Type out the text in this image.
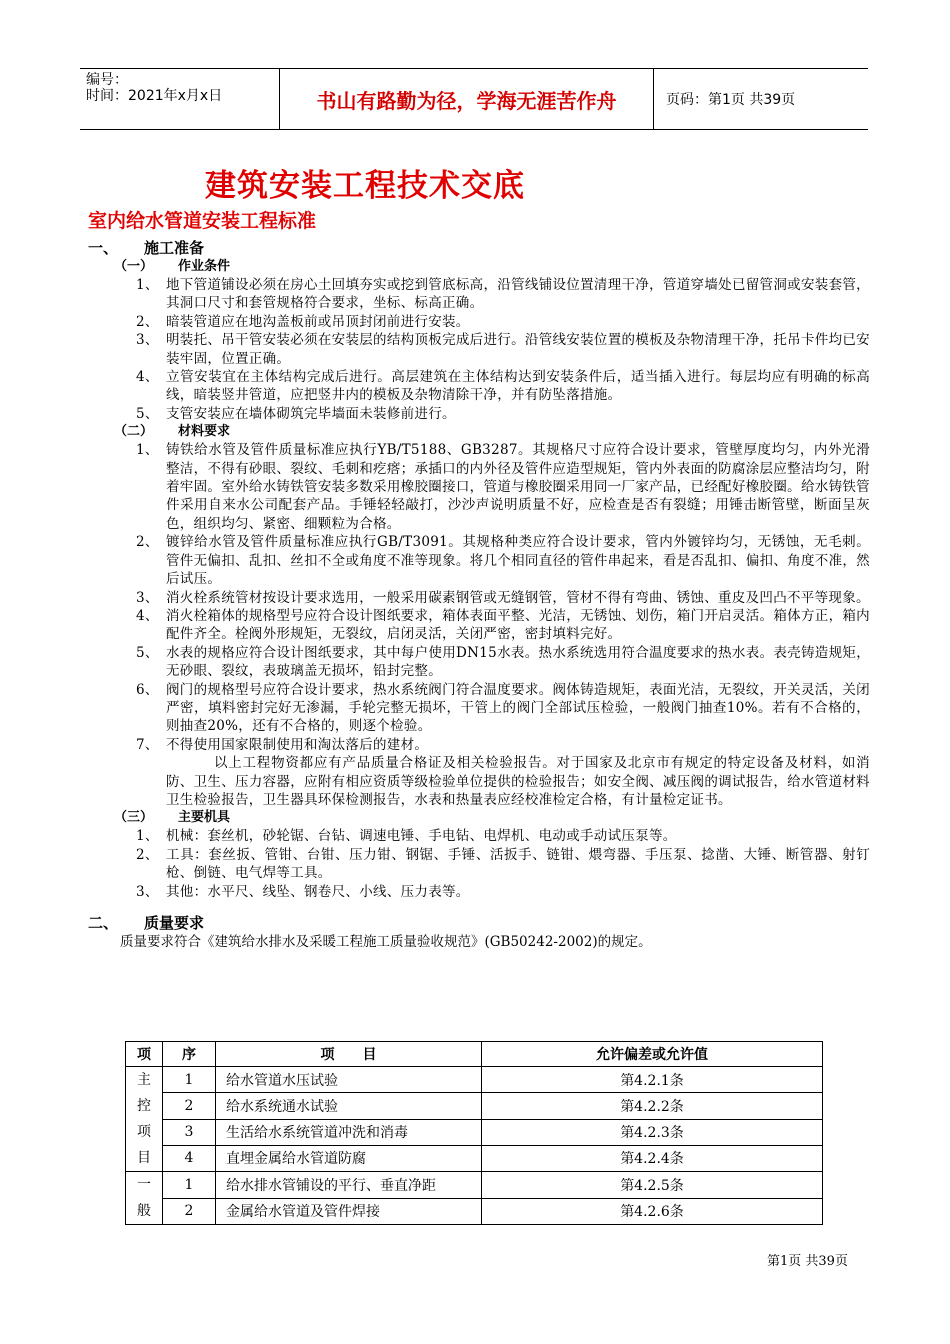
编号：
时间：2021年x月x日	书山有路勤为径，学海无涯苦作舟	页码：第1页 共39页
建筑安装工程技术交底
室内给水管道安装工程标准
一、	施工准备
（一）	作业条件
1、 地下管道铺设必须在房心土回填夯实或挖到管底标高，沿管线铺设位置清理干净，管道穿墙处已留管洞或安装套管，其洞口尺寸和套管规格符合要求，坐标、标高正确。
2、 暗装管道应在地沟盖板前或吊顶封闭前进行安装。
3、 明装托、吊干管安装必须在安装层的结构顶板完成后进行。沿管线安装位置的模板及杂物清理干净，托吊卡件均已安装牢固，位置正确。
4、 立管安装宜在主体结构完成后进行。高层建筑在主体结构达到安装条件后，适当插入进行。每层均应有明确的标高线，暗装竖井管道，应把竖井内的模板及杂物清除干净，并有防坠落措施。
5、 支管安装应在墙体砌筑完毕墙面未装修前进行。
（二）	材料要求
1、 铸铁给水管及管件质量标准应执行YB/T5188、GB3287。其规格尺寸应符合设计要求，管壁厚度均匀，内外光滑整洁，不得有砂眼、裂纹、毛刺和疙瘩；承插口的内外径及管件应造型规矩，管内外表面的防腐涂层应整洁均匀，附着牢固。室外给水铸铁管安装多数采用橡胶圈接口，管道与橡胶圈采用同一厂家产品，已经配好橡胶圈。给水铸铁管件采用自来水公司配套产品。手锤轻轻敲打，沙沙声说明质量不好，应检查是否有裂缝；用锤击断管壁，断面呈灰色，组织均匀、紧密、细颗粒为合格。
2、 镀锌给水管及管件质量标准应执行GB/T3091。其规格种类应符合设计要求，管内外镀锌均匀，无锈蚀，无毛刺。管件无偏扣、乱扣、丝扣不全或角度不准等现象。将几个相同直径的管件串起来，看是否乱扣、偏扣、角度不准，然后试压。
3、 消火栓系统管材按设计要求选用，一般采用碳素钢管或无缝钢管，管材不得有弯曲、锈蚀、重皮及凹凸不平等现象。
4、 消火栓箱体的规格型号应符合设计图纸要求，箱体表面平整、光洁，无锈蚀、划伤，箱门开启灵活。箱体方正，箱内配件齐全。栓阀外形规矩，无裂纹，启闭灵活，关闭严密，密封填料完好。
5、 水表的规格应符合设计图纸要求，其中每户使用DN15水表。热水系统选用符合温度要求的热水表。表壳铸造规矩，无砂眼、裂纹，表玻璃盖无损坏，铅封完整。
6、 阀门的规格型号应符合设计要求，热水系统阀门符合温度要求。阀体铸造规矩，表面光洁，无裂纹，开关灵活，关闭严密，填料密封完好无渗漏，手轮完整无损坏，干管上的阀门全部试压检验，一般阀门抽查10%。若有不合格的，则抽查20%，还有不合格的，则逐个检验。
7、 不得使用国家限制使用和淘汰落后的建材。
以上工程物资都应有产品质量合格证及相关检验报告。对于国家及北京市有规定的特定设备及材料，如消防、卫生、压力容器，应附有相应资质等级检验单位提供的检验报告；如安全阀、减压阀的调试报告，给水管道材料卫生检验报告，卫生器具环保检测报告，水表和热量表应经校准检定合格，有计量检定证书。
（三）	主要机具
1、 机械：套丝机，砂轮锯、台钻、调速电锤、手电钻、电焊机、电动或手动试压泵等。
2、 工具：套丝扳、管钳、台钳、压力钳、钢锯、手锤、活扳手、链钳、煨弯器、手压泵、捻凿、大锤、断管器、射钉枪、倒链、电气焊等工具。
3、 其他：水平尺、线坠、钢卷尺、小线、压力表等。
二、	质量要求
质量要求符合《建筑给水排水及采暖工程施工质量验收规范》(GB50242-2002)的规定。
项	序	项　　目	允许偏差或允许值
主控项目	1	给水管道水压试验	第4.2.1条
	2	给水系统通水试验	第4.2.2条
	3	生活给水系统管道冲洗和消毒	第4.2.3条
	4	直埋金属给水管道防腐	第4.2.4条
一般	1	给水排水管铺设的平行、垂直净距	第4.2.5条
	2	金属给水管道及管件焊接	第4.2.6条
第1页 共39页
